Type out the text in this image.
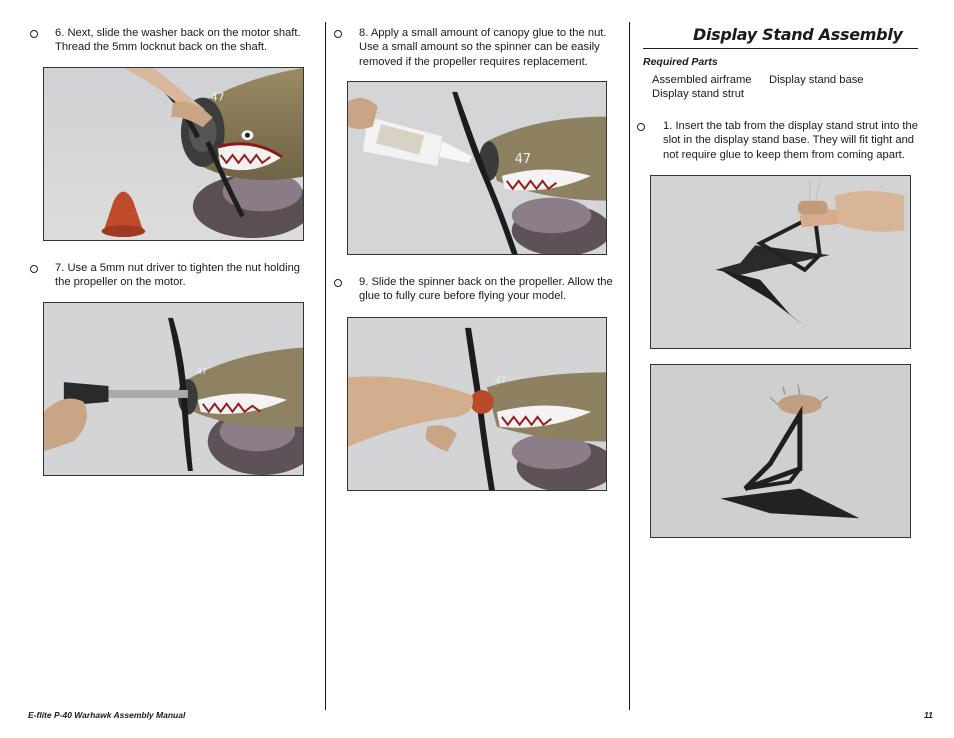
6. Next, slide the washer back on the motor shaft. Thread the 5mm locknut back on the shaft.
47
7. Use a 5mm nut driver to tighten the nut holding the propeller on the motor.
47
8. Apply a small amount of canopy glue to the nut. Use a small amount so the spinner can be easily removed if the propeller requires replacement.
47
9. Slide the spinner back on the propeller. Allow the glue to fully cure before flying your model.
47
Display Stand Assembly
Required Parts
Assembled airframe Display stand base
Display stand strut
1. Insert the tab from the display stand strut into the slot in the display stand base. They will fit tight and not require glue to keep them from coming apart.
E-flite P-40 Warhawk Assembly Manual	11
